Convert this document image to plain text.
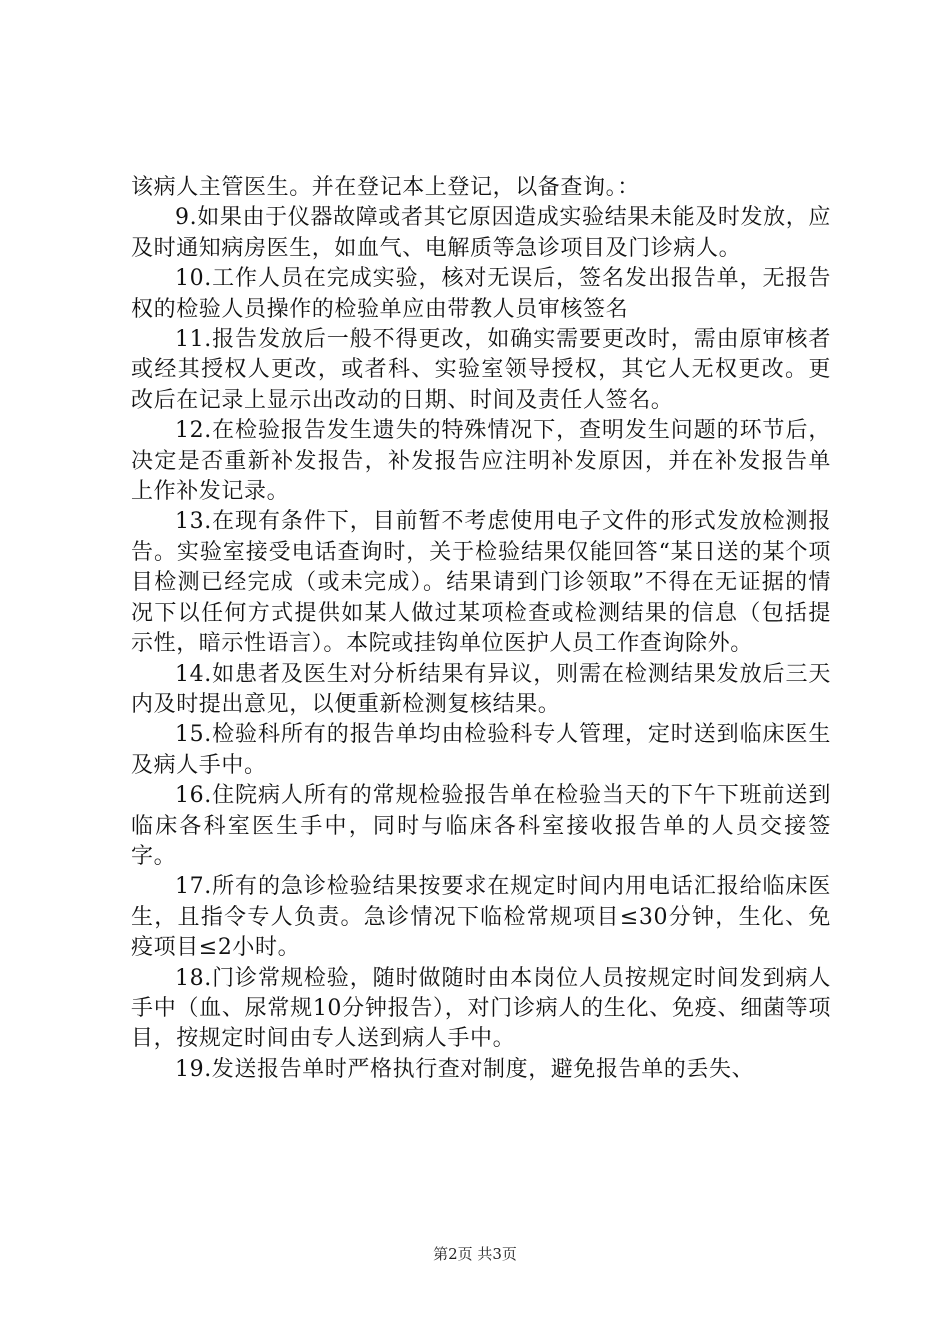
该病人主管医生。并在登记本上登记，以备查询。：

9.如果由于仪器故障或者其它原因造成实验结果未能及时发放，应及时通知病房医生，如血气、电解质等急诊项目及门诊病人。

10.工作人员在完成实验，核对无误后，签名发出报告单，无报告权的检验人员操作的检验单应由带教人员审核签名

11.报告发放后一般不得更改，如确实需要更改时，需由原审核者或经其授权人更改，或者科、实验室领导授权，其它人无权更改。更改后在记录上显示出改动的日期、时间及责任人签名。

12.在检验报告发生遗失的特殊情况下，查明发生问题的环节后，决定是否重新补发报告，补发报告应注明补发原因，并在补发报告单上作补发记录。

13.在现有条件下，目前暂不考虑使用电子文件的形式发放检测报告。实验室接受电话查询时，关于检验结果仅能回答“某日送的某个项目检测已经完成（或未完成）。结果请到门诊领取”不得在无证据的情况下以任何方式提供如某人做过某项检查或检测结果的信息（包括提示性，暗示性语言）。本院或挂钩单位医护人员工作查询除外。

14.如患者及医生对分析结果有异议，则需在检测结果发放后三天内及时提出意见，以便重新检测复核结果。

15.检验科所有的报告单均由检验科专人管理，定时送到临床医生及病人手中。

16.住院病人所有的常规检验报告单在检验当天的下午下班前送到临床各科室医生手中，同时与临床各科室接收报告单的人员交接签字。

17.所有的急诊检验结果按要求在规定时间内用电话汇报给临床医生，且指令专人负责。急诊情况下临检常规项目≤30分钟，生化、免疫项目≤2小时。

18.门诊常规检验，随时做随时由本岗位人员按规定时间发到病人手中（血、尿常规10分钟报告），对门诊病人的生化、免疫、细菌等项目，按规定时间由专人送到病人手中。

19.发送报告单时严格执行查对制度，避免报告单的丢失、

第2页 共3页
